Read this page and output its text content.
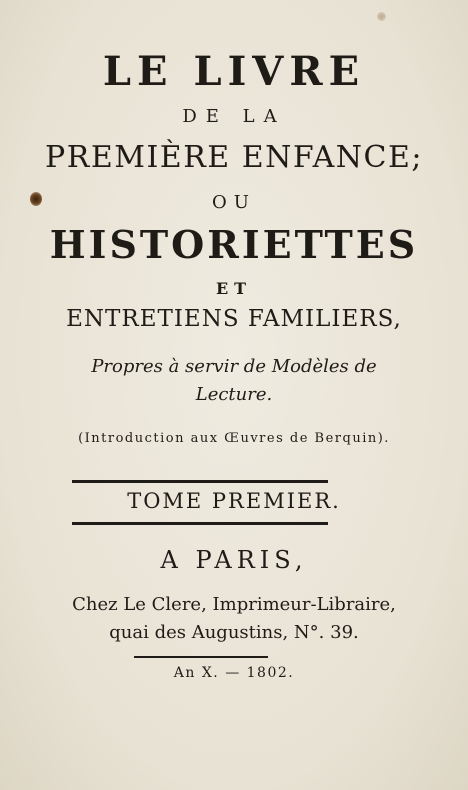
LE LIVRE
DE LA
PREMIÈRE ENFANCE;
OU
HISTORIETTES
ET
ENTRETIENS FAMILIERS,
Propres à servir de Modèles de
Lecture.
(Introduction aux Œuvres de Berquin).
TOME PREMIER.
A PARIS,
Chez Le Clere, Imprimeur-Libraire,
quai des Augustins, N°. 39.
An X. — 1802.
